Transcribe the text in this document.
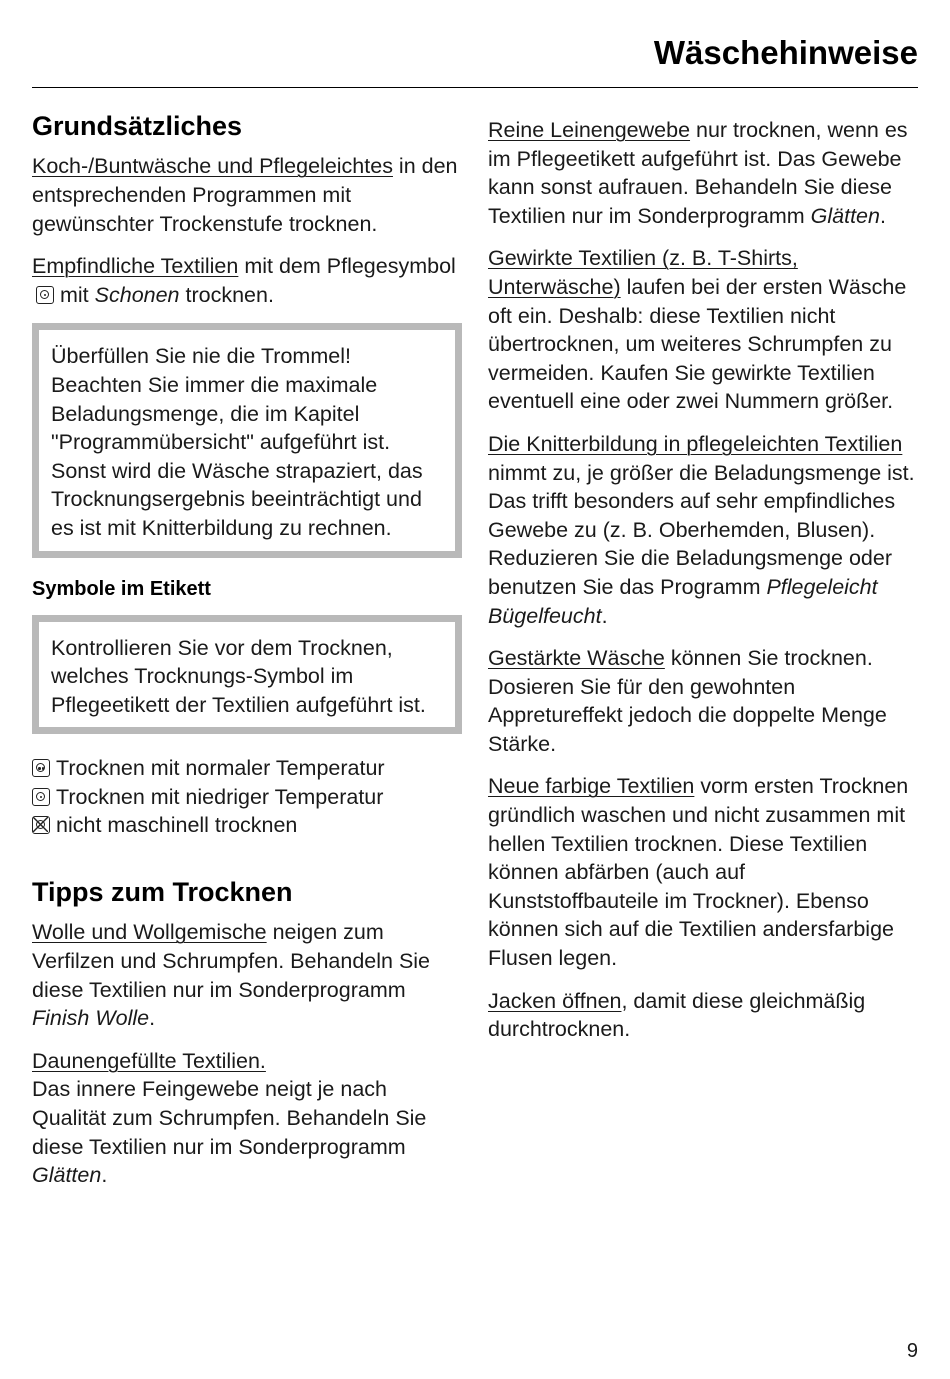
Wäschehinweise
Grundsätzliches

Koch-/Buntwäsche und Pflegeleichtes in den entsprechenden Programmen mit gewünschter Trockenstufe trocknen.

Empfindliche Textilien mit dem Pflegesymbol
mit Schonen trocknen.

Überfüllen Sie nie die Trommel! Beachten Sie immer die maximale Beladungsmenge, die im Kapitel "Programmübersicht" aufgeführt ist. Sonst wird die Wäsche strapaziert, das Trocknungsergebnis beeinträchtigt und es ist mit Knitterbildung zu rechnen.

Symbole im Etikett

Kontrollieren Sie vor dem Trocknen, welches Trocknungs-Symbol im Pflegeetikett der Textilien aufgeführt ist.

Trocknen mit normaler Temperatur
Trocknen mit niedriger Temperatur
nicht maschinell trocknen
Tipps zum Trocknen

Wolle und Wollgemische neigen zum Verfilzen und Schrumpfen. Behandeln Sie diese Textilien nur im Sonderprogramm Finish Wolle.

Daunengefüllte Textilien.
Das innere Feingewebe neigt je nach Qualität zum Schrumpfen. Behandeln Sie diese Textilien nur im Sonderprogramm Glätten.

Reine Leinengewebe nur trocknen, wenn es im Pflegeetikett aufgeführt ist. Das Gewebe kann sonst aufrauen. Behandeln Sie diese Textilien nur im Sonderprogramm Glätten.

Gewirkte Textilien (z. B. T-Shirts, Unterwäsche) laufen bei der ersten Wäsche oft ein. Deshalb: diese Textilien nicht übertrocknen, um weiteres Schrumpfen zu vermeiden. Kaufen Sie gewirkte Textilien eventuell eine oder zwei Nummern größer.

Die Knitterbildung in pflegeleichten Textilien nimmt zu, je größer die Beladungsmenge ist. Das trifft besonders auf sehr empfindliches Gewebe zu (z. B. Oberhemden, Blusen). Reduzieren Sie die Beladungsmenge oder benutzen Sie das Programm Pflegeleicht Bügelfeucht.

Gestärkte Wäsche können Sie trocknen. Dosieren Sie für den gewohnten Appretureffekt jedoch die doppelte Menge Stärke.

Neue farbige Textilien vorm ersten Trocknen gründlich waschen und nicht zusammen mit hellen Textilien trocknen. Diese Textilien können abfärben (auch auf Kunststoffbauteile im Trockner). Ebenso können sich auf die Textilien andersfarbige Flusen legen.

Jacken öffnen, damit diese gleichmäßig durchtrocknen.

9
